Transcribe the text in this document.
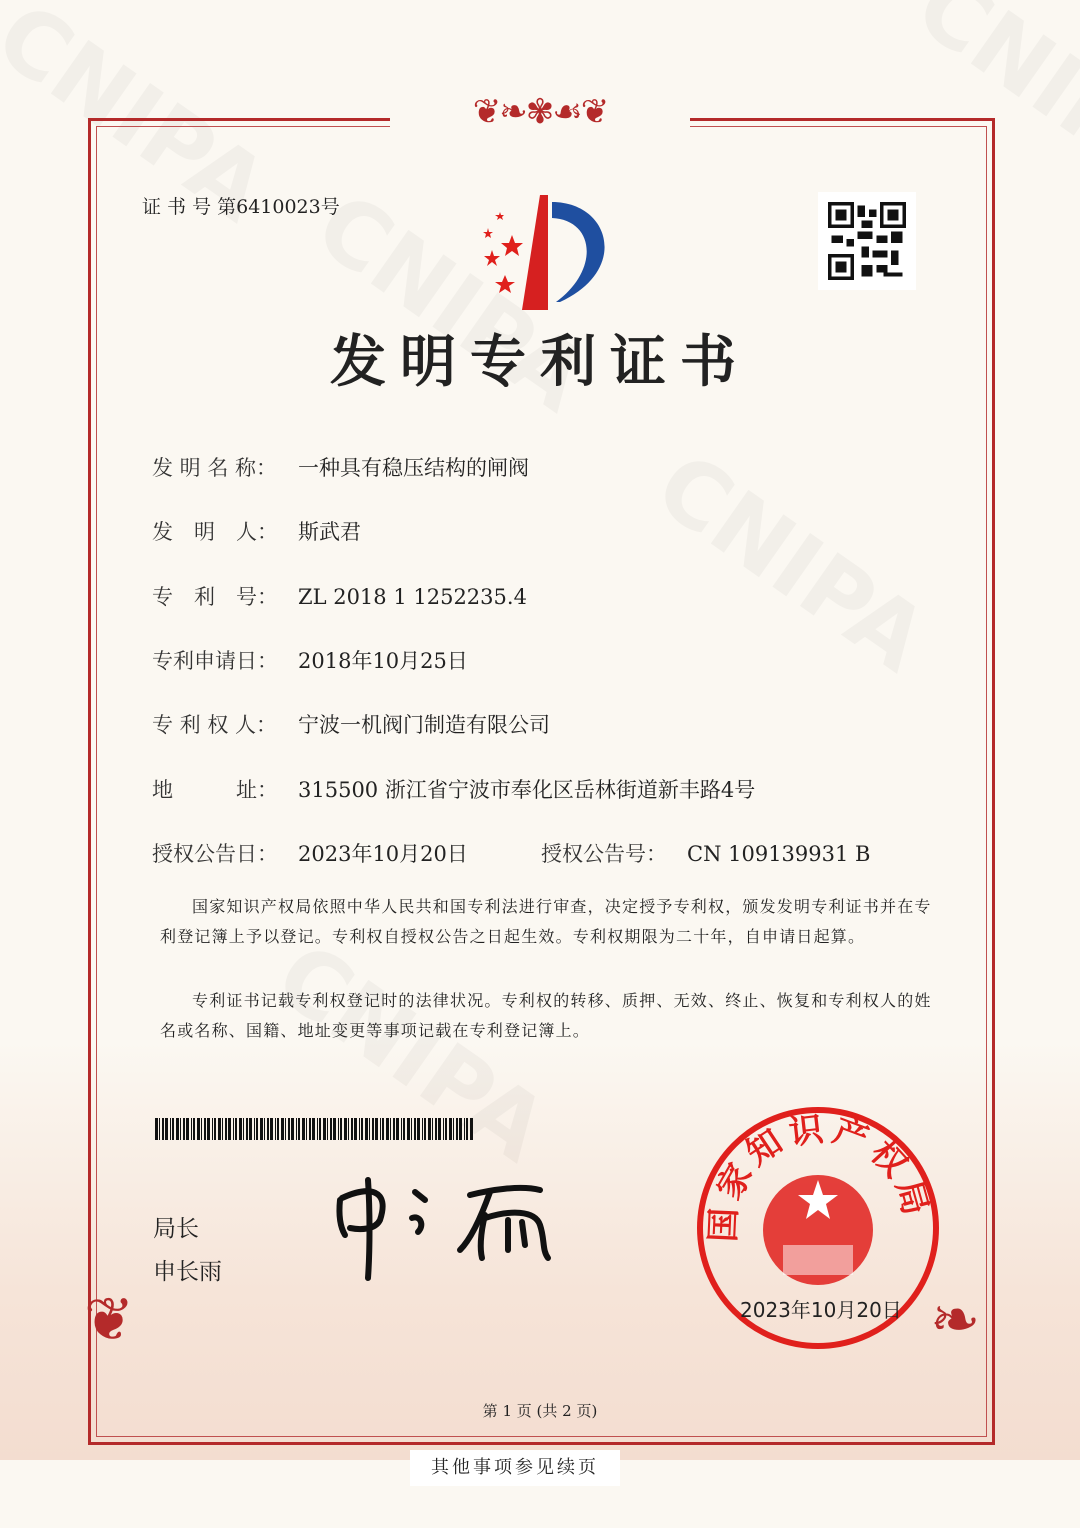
❦❧✾☙❦
❦	❧
证 书 号 第6410023号
发明专利证书
发 明 名 称： 一种具有稳压结构的闸阀
发　明　人： 斯武君
专　利　号： ZL 2018 1 1252235.4
专利申请日： 2018年10月25日
专 利 权 人： 宁波一机阀门制造有限公司
地　　　址： 315500 浙江省宁波市奉化区岳林街道新丰路4号
授权公告日： 2023年10月20日	授权公告号： CN 109139931 B
国家知识产权局依照中华人民共和国专利法进行审查，决定授予专利权，颁发发明专利证书并在专利登记簿上予以登记。专利权自授权公告之日起生效。专利权期限为二十年，自申请日起算。
专利证书记载专利权登记时的法律状况。专利权的转移、质押、无效、终止、恢复和专利权人的姓名或名称、国籍、地址变更等事项记载在专利登记簿上。
局长
申长雨
国家知识产权局
2023年10月20日
第 1 页 (共 2 页)
其他事项参见续页
